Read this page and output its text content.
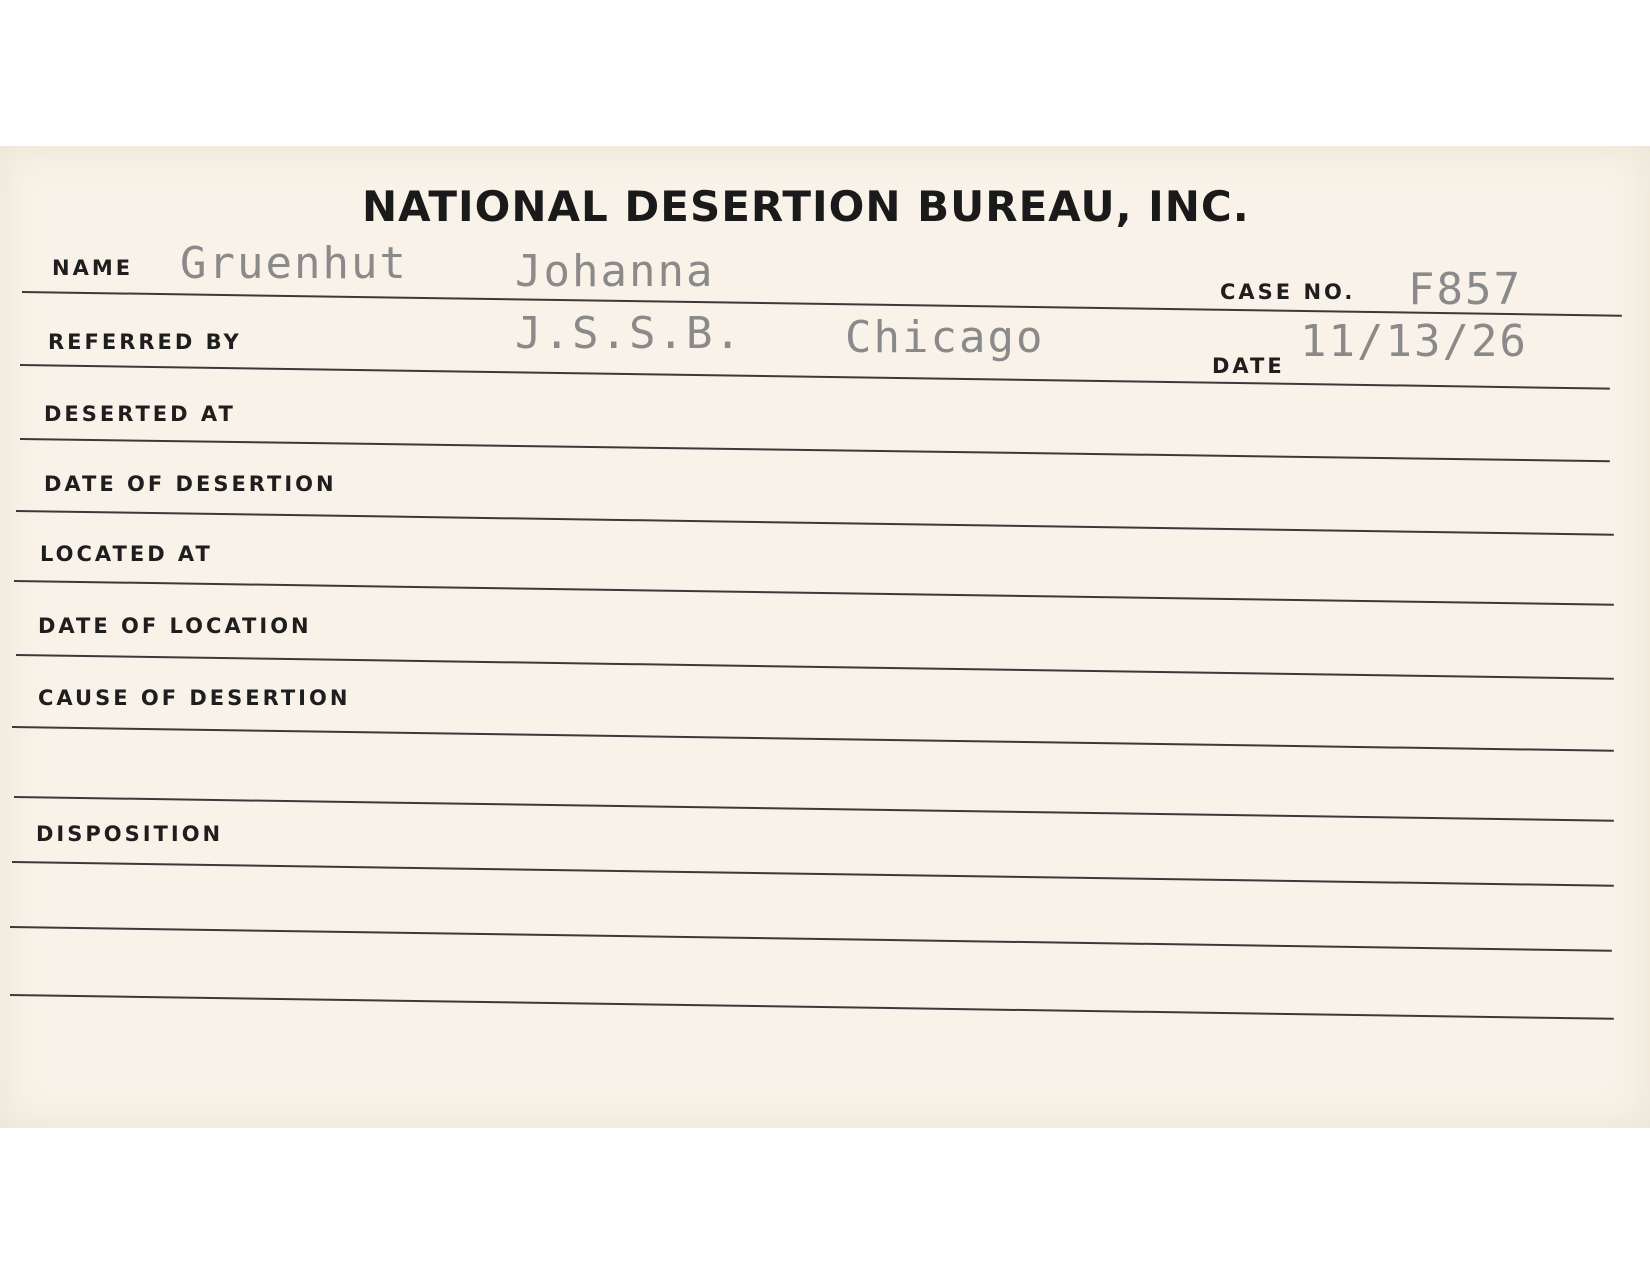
NATIONAL DESERTION BUREAU, INC.
NAME Gruenhut Johanna	CASE NO. F857
REFERRED BY	J.S.S.B. Chicago
DATE 11/13/26
DESERTED AT
DATE OF DESERTION
LOCATED AT
DATE OF LOCATION
CAUSE OF DESERTION
DISPOSITION
